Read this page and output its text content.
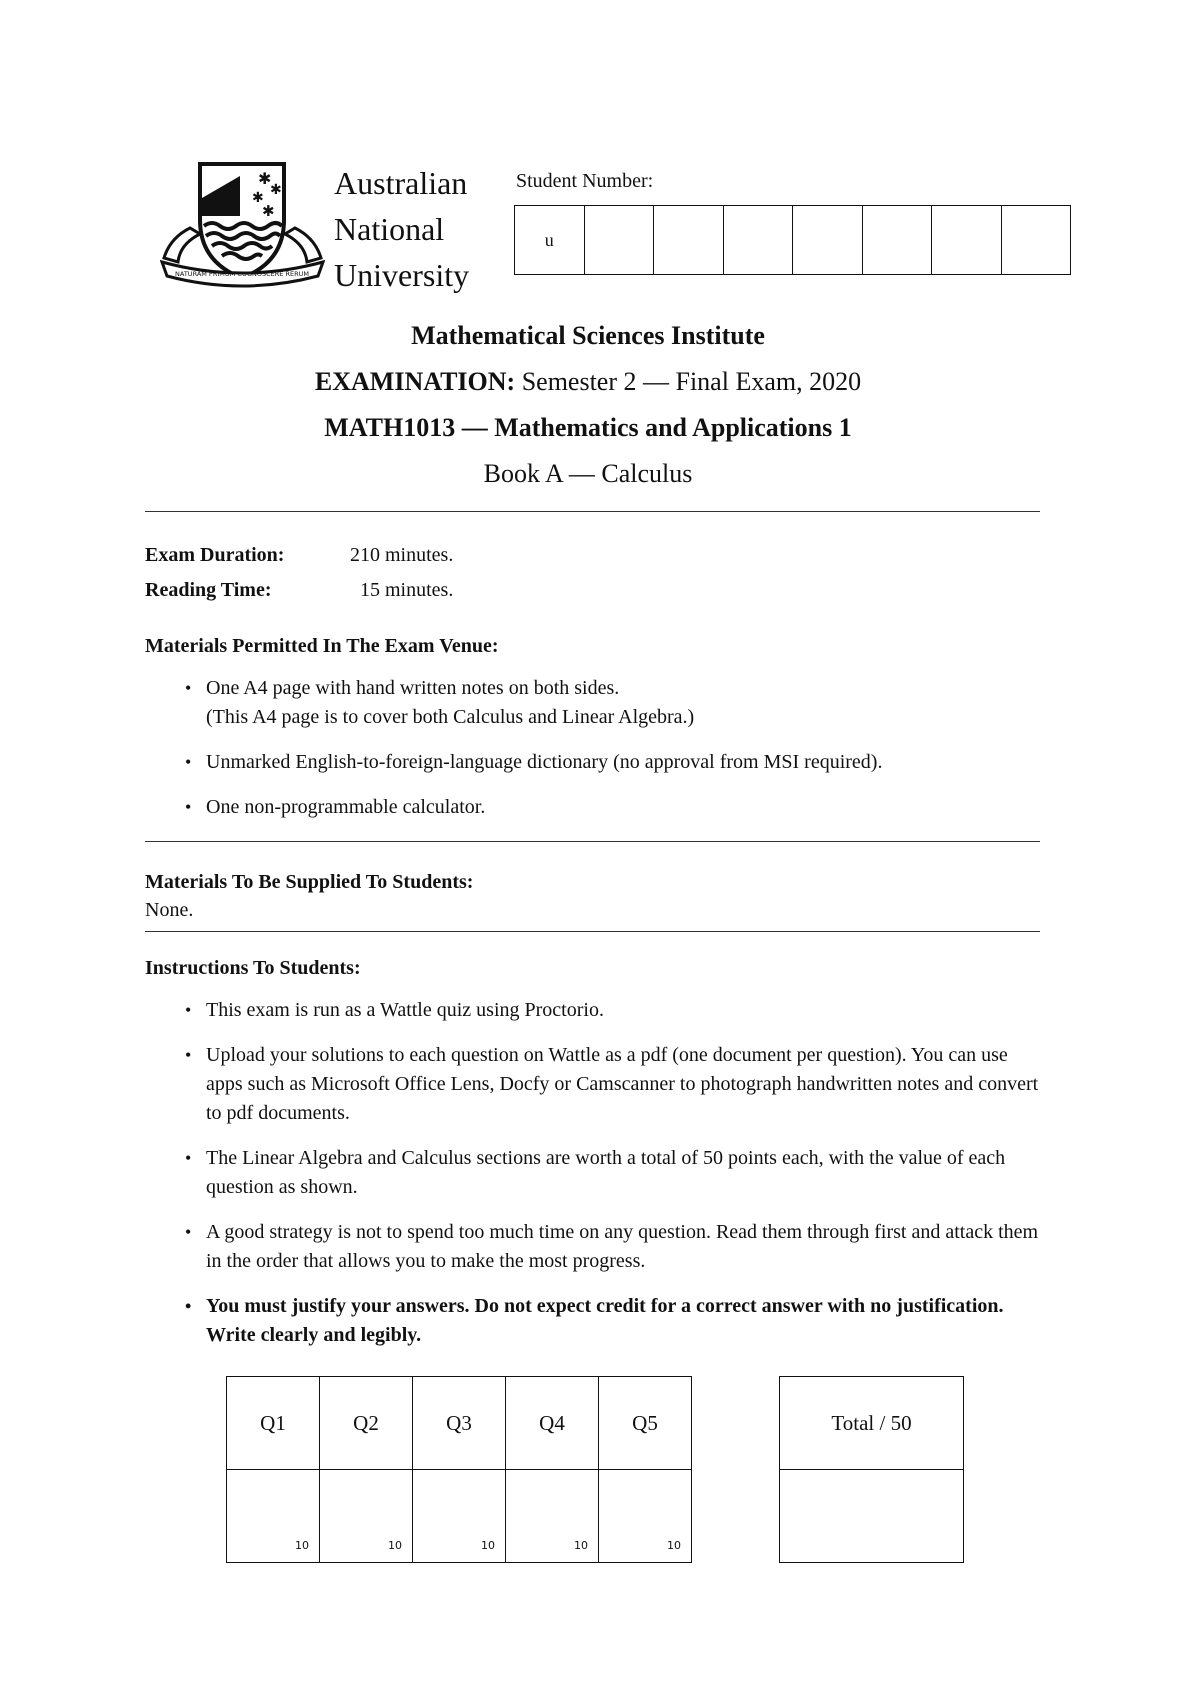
✱
✱
✱
✱
NATURAM PRIMUM COGNOSCERE RERUM
Australian
National
University
Student Number:
u
Mathematical Sciences Institute
EXAMINATION: Semester 2 — Final Exam, 2020
MATH1013 — Mathematics and Applications 1
Book A — Calculus
Exam Duration:	210 minutes.
Reading Time:	15 minutes.
Materials Permitted In The Exam Venue:
• One A4 page with hand written notes on both sides.
(This A4 page is to cover both Calculus and Linear Algebra.)
• Unmarked English-to-foreign-language dictionary (no approval from MSI required).
• One non-programmable calculator.
Materials To Be Supplied To Students:
None.
Instructions To Students:
• This exam is run as a Wattle quiz using Proctorio.
• Upload your solutions to each question on Wattle as a pdf (one document per question). You can use apps such as Microsoft Office Lens, Docfy or Camscanner to photograph handwritten notes and convert to pdf documents.
• The Linear Algebra and Calculus sections are worth a total of 50 points each, with the value of each question as shown.
• A good strategy is not to spend too much time on any question. Read them through first and attack them in the order that allows you to make the most progress.
• You must justify your answers. Do not expect credit for a correct answer with no justification. Write clearly and legibly.
Q1	Q2	Q3	Q4	Q5

10	10	10	10	10
Total / 50
